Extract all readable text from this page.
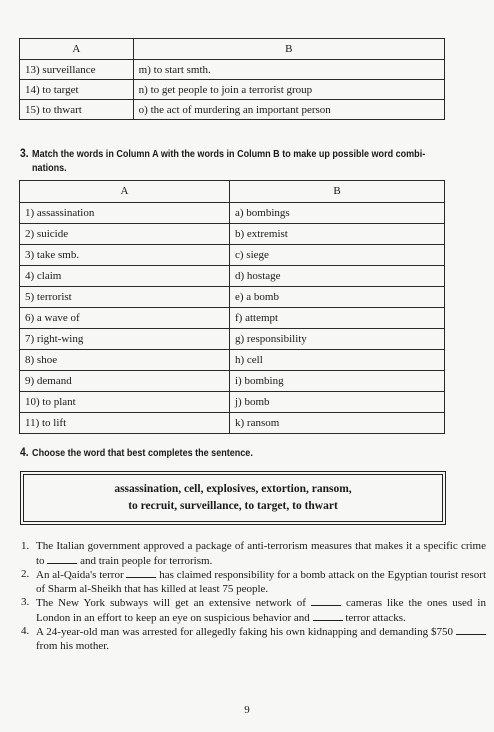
A	B
13) surveillance	m) to start smth.
14) to target	n) to get people to join a terrorist group
15) to thwart	o) the act of murdering an important person
3. Match the words in Column A with the words in Column B to make up possible word combi-
nations.
A	B
1) assassination	a) bombings
2) suicide	b) extremist
3) take smb.	c) siege
4) claim	d) hostage
5) terrorist	e) a bomb
6) a wave of	f) attempt
7) right-wing	g) responsibility
8) shoe	h) cell
9) demand	i) bombing
10) to plant	j) bomb
11) to lift	k) ransom
4. Choose the word that best completes the sentence.
assassination, cell, explosives, extortion, ransom,
to recruit, surveillance, to target, to thwart
1. The Italian government approved a package of anti-terrorism measures that makes it a specific crime to	and train people for terrorism.
2. An al-Qaida's terror	has claimed responsibility for a bomb attack on the Egyptian tourist resort of Sharm al-Sheikh that has killed at least 75 people.
3. The New York subways will get an extensive network of	cameras like the ones used in London in an effort to keep an eye on suspicious behavior and	terror attacks.
4. A 24-year-old man was arrested for allegedly faking his own kidnapping and demanding $750  from his mother.
9
